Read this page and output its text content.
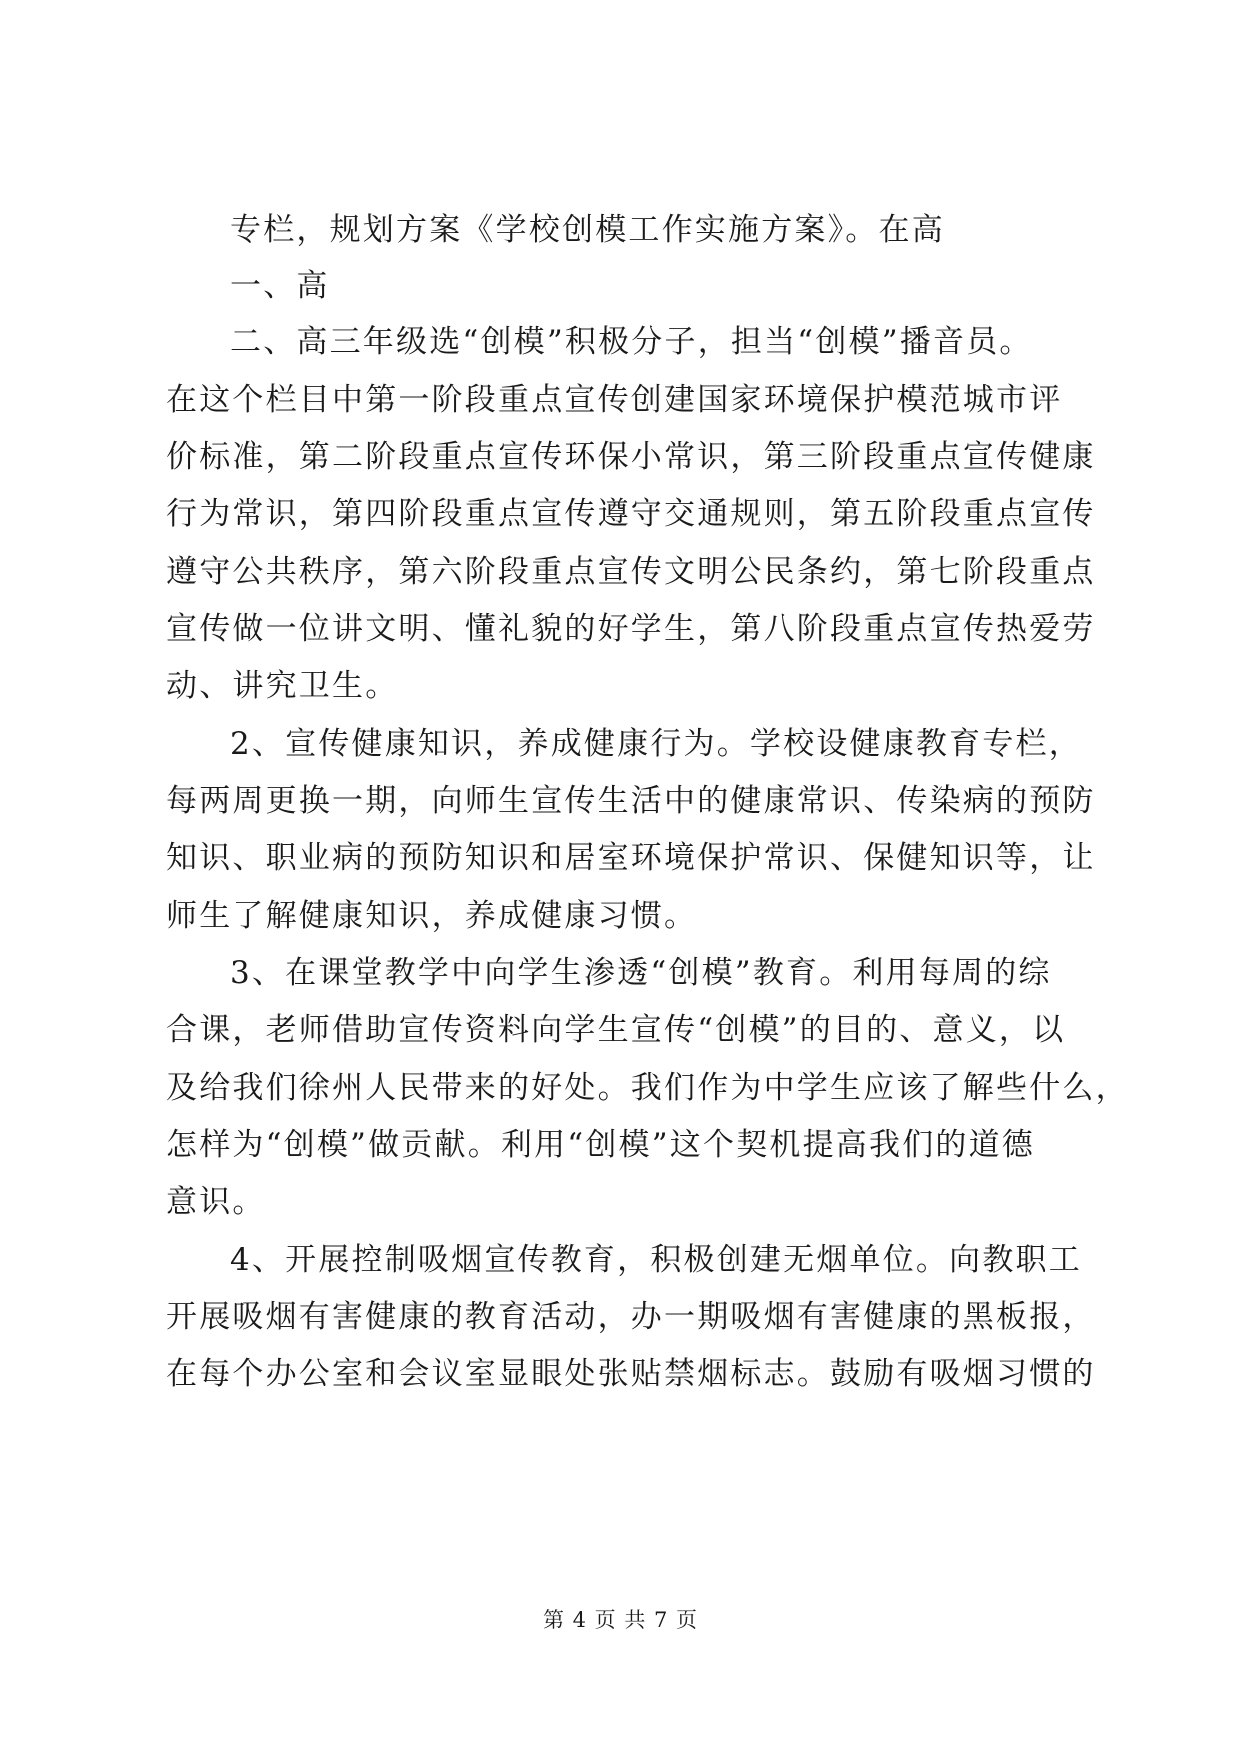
专栏，规划方案《学校创模工作实施方案》。在高
一、高
二、高三年级选“创模”积极分子，担当“创模”播音员。
在这个栏目中第一阶段重点宣传创建国家环境保护模范城市评
价标准，第二阶段重点宣传环保小常识，第三阶段重点宣传健康
行为常识，第四阶段重点宣传遵守交通规则，第五阶段重点宣传
遵守公共秩序，第六阶段重点宣传文明公民条约，第七阶段重点
宣传做一位讲文明、懂礼貌的好学生，第八阶段重点宣传热爱劳
动、讲究卫生。
2、宣传健康知识，养成健康行为。学校设健康教育专栏，
每两周更换一期，向师生宣传生活中的健康常识、传染病的预防
知识、职业病的预防知识和居室环境保护常识、保健知识等，让
师生了解健康知识，养成健康习惯。
3、在课堂教学中向学生渗透“创模”教育。利用每周的综
合课，老师借助宣传资料向学生宣传“创模”的目的、意义，以
及给我们徐州人民带来的好处。我们作为中学生应该了解些什么，
怎样为“创模”做贡献。利用“创模”这个契机提高我们的道德
意识。
4、开展控制吸烟宣传教育，积极创建无烟单位。向教职工
开展吸烟有害健康的教育活动，办一期吸烟有害健康的黑板报，
在每个办公室和会议室显眼处张贴禁烟标志。鼓励有吸烟习惯的
第 4 页 共 7 页
